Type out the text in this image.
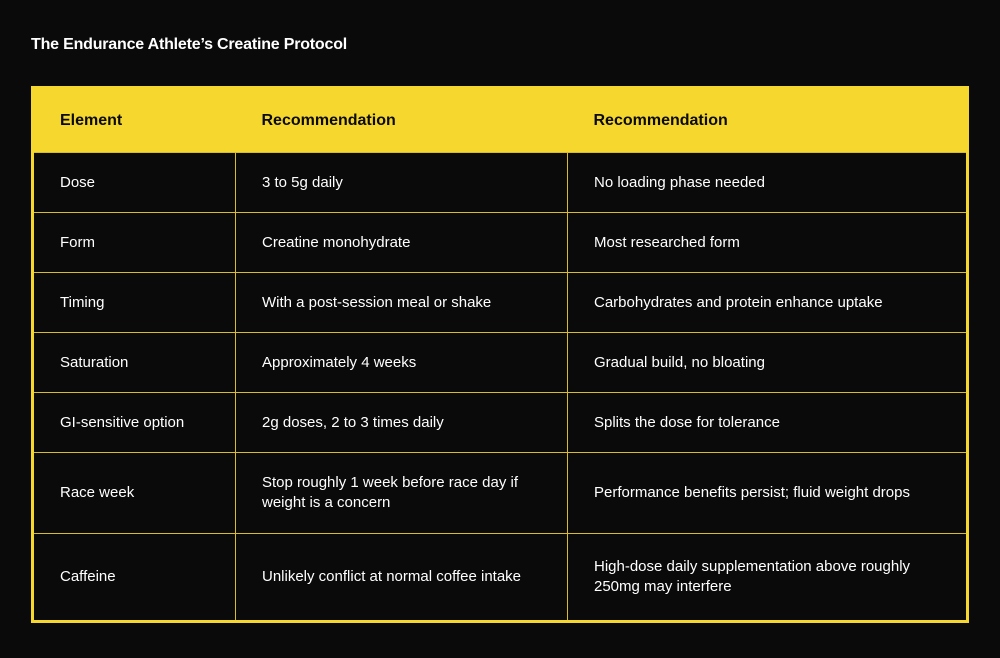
The Endurance Athlete’s Creatine Protocol
Element	Recommendation	Recommendation
Dose	3 to 5g daily	No loading phase needed
Form	Creatine monohydrate	Most researched form
Timing	With a post-session meal or shake	Carbohydrates and protein enhance uptake
Saturation	Approximately 4 weeks	Gradual build, no bloating
GI-sensitive option	2g doses, 2 to 3 times daily	Splits the dose for tolerance
Race week	Stop roughly 1 week before race day if weight is a concern	Performance benefits persist; fluid weight drops
Caffeine	Unlikely conflict at normal coffee intake	High-dose daily supplementation above roughly 250mg may interfere
